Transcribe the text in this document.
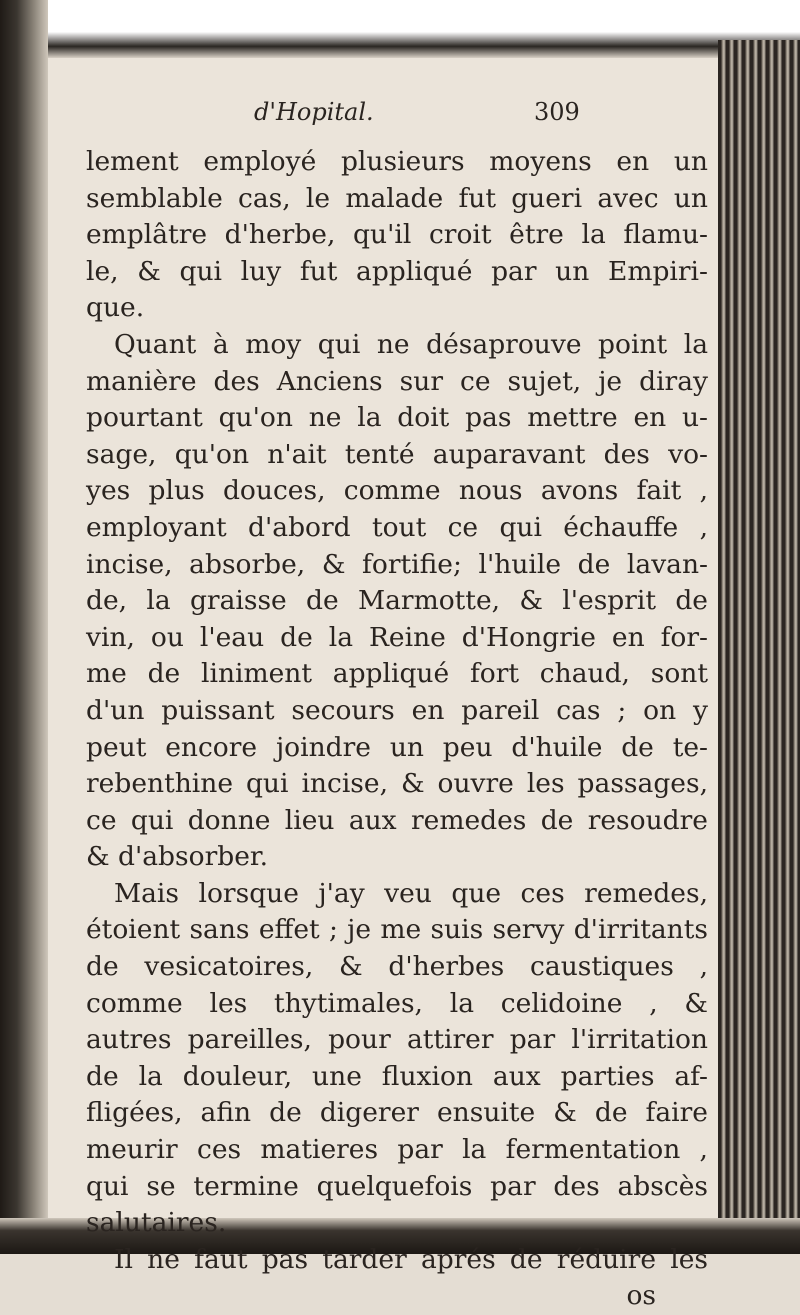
d'Hopital.	309
lement employé plusieurs moyens en un
semblable cas, le malade fut gueri avec un
emplâtre d'herbe, qu'il croit être la flamu-
le, & qui luy fut appliqué par un Empiri-
que.
Quant à moy qui ne désaprouve point la
manière des Anciens sur ce sujet, je diray
pourtant qu'on ne la doit pas mettre en u-
sage, qu'on n'ait tenté auparavant des vo-
yes plus douces, comme nous avons fait ,
employant d'abord tout ce qui échauffe ,
incise, absorbe, & fortifie; l'huile de lavan-
de, la graisse de Marmotte, & l'esprit de
vin, ou l'eau de la Reine d'Hongrie en for-
me de liniment appliqué fort chaud, sont
d'un puissant secours en pareil cas ; on y
peut encore joindre un peu d'huile de te-
rebenthine qui incise, & ouvre les passages,
ce qui donne lieu aux remedes de resoudre
& d'absorber.
Mais lorsque j'ay veu que ces remedes,
étoient sans effet ; je me suis servy d'irritants
de vesicatoires, & d'herbes caustiques ,
comme les thytimales, la celidoine , &
autres pareilles, pour attirer par l'irritation
de la douleur, une fluxion aux parties af-
fligées, afin de digerer ensuite & de faire
meurir ces matieres par la fermentation ,
qui se termine quelquefois par des abscès
salutaires.
Il ne faut pas tarder aprés de réduire les
os
